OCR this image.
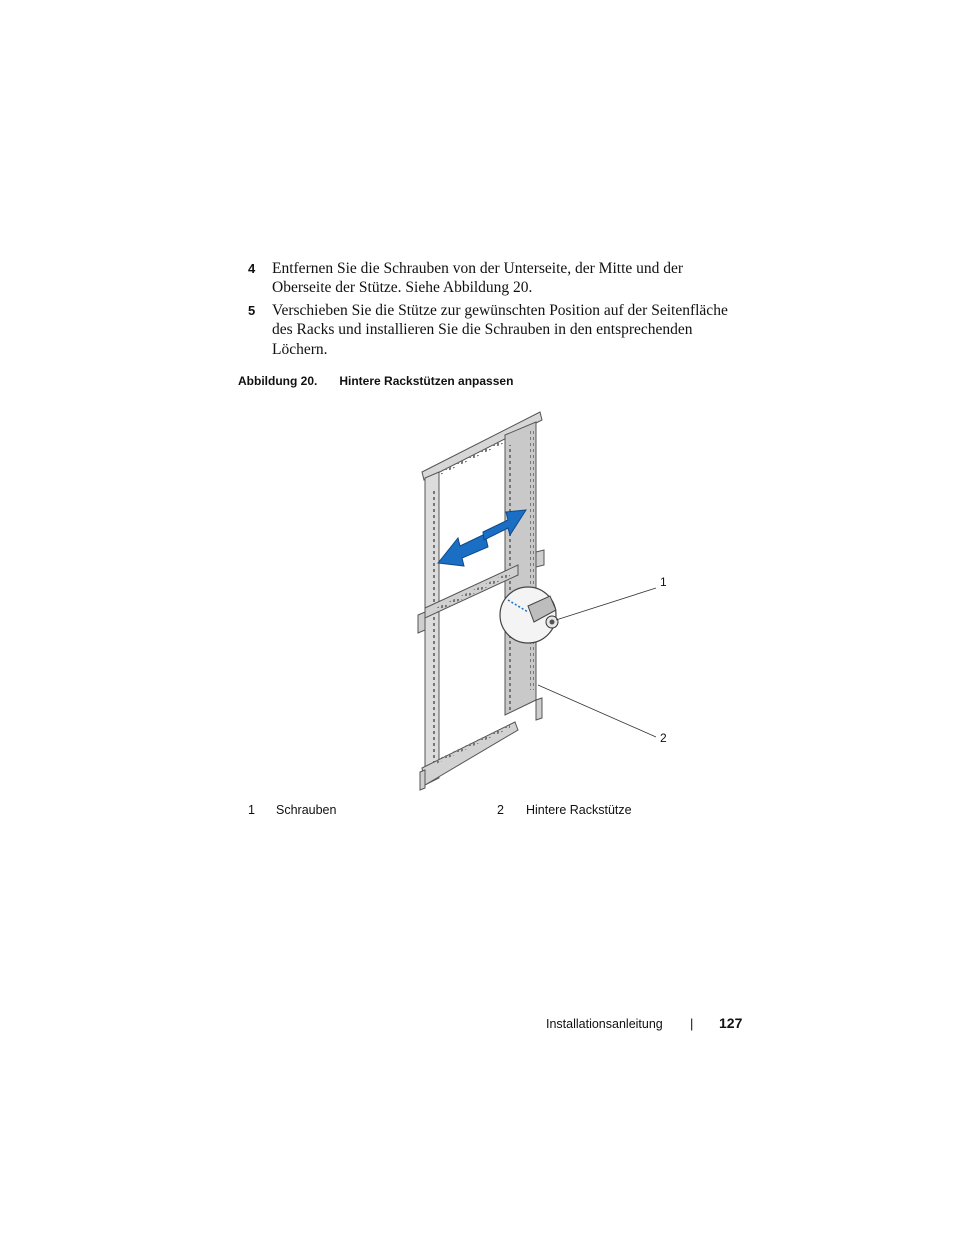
4 Entfernen Sie die Schrauben von der Unterseite, der Mitte und der Oberseite der Stütze. Siehe Abbildung 20.
5 Verschieben Sie die Stütze zur gewünschten Position auf der Seitenfläche des Racks und installieren Sie die Schrauben in den entsprechenden Löchern.
Abbildung 20. Hintere Rackstützen anpassen
1
2
1 Schrauben	2 Hintere Rackstütze
Installationsanleitung | 127
